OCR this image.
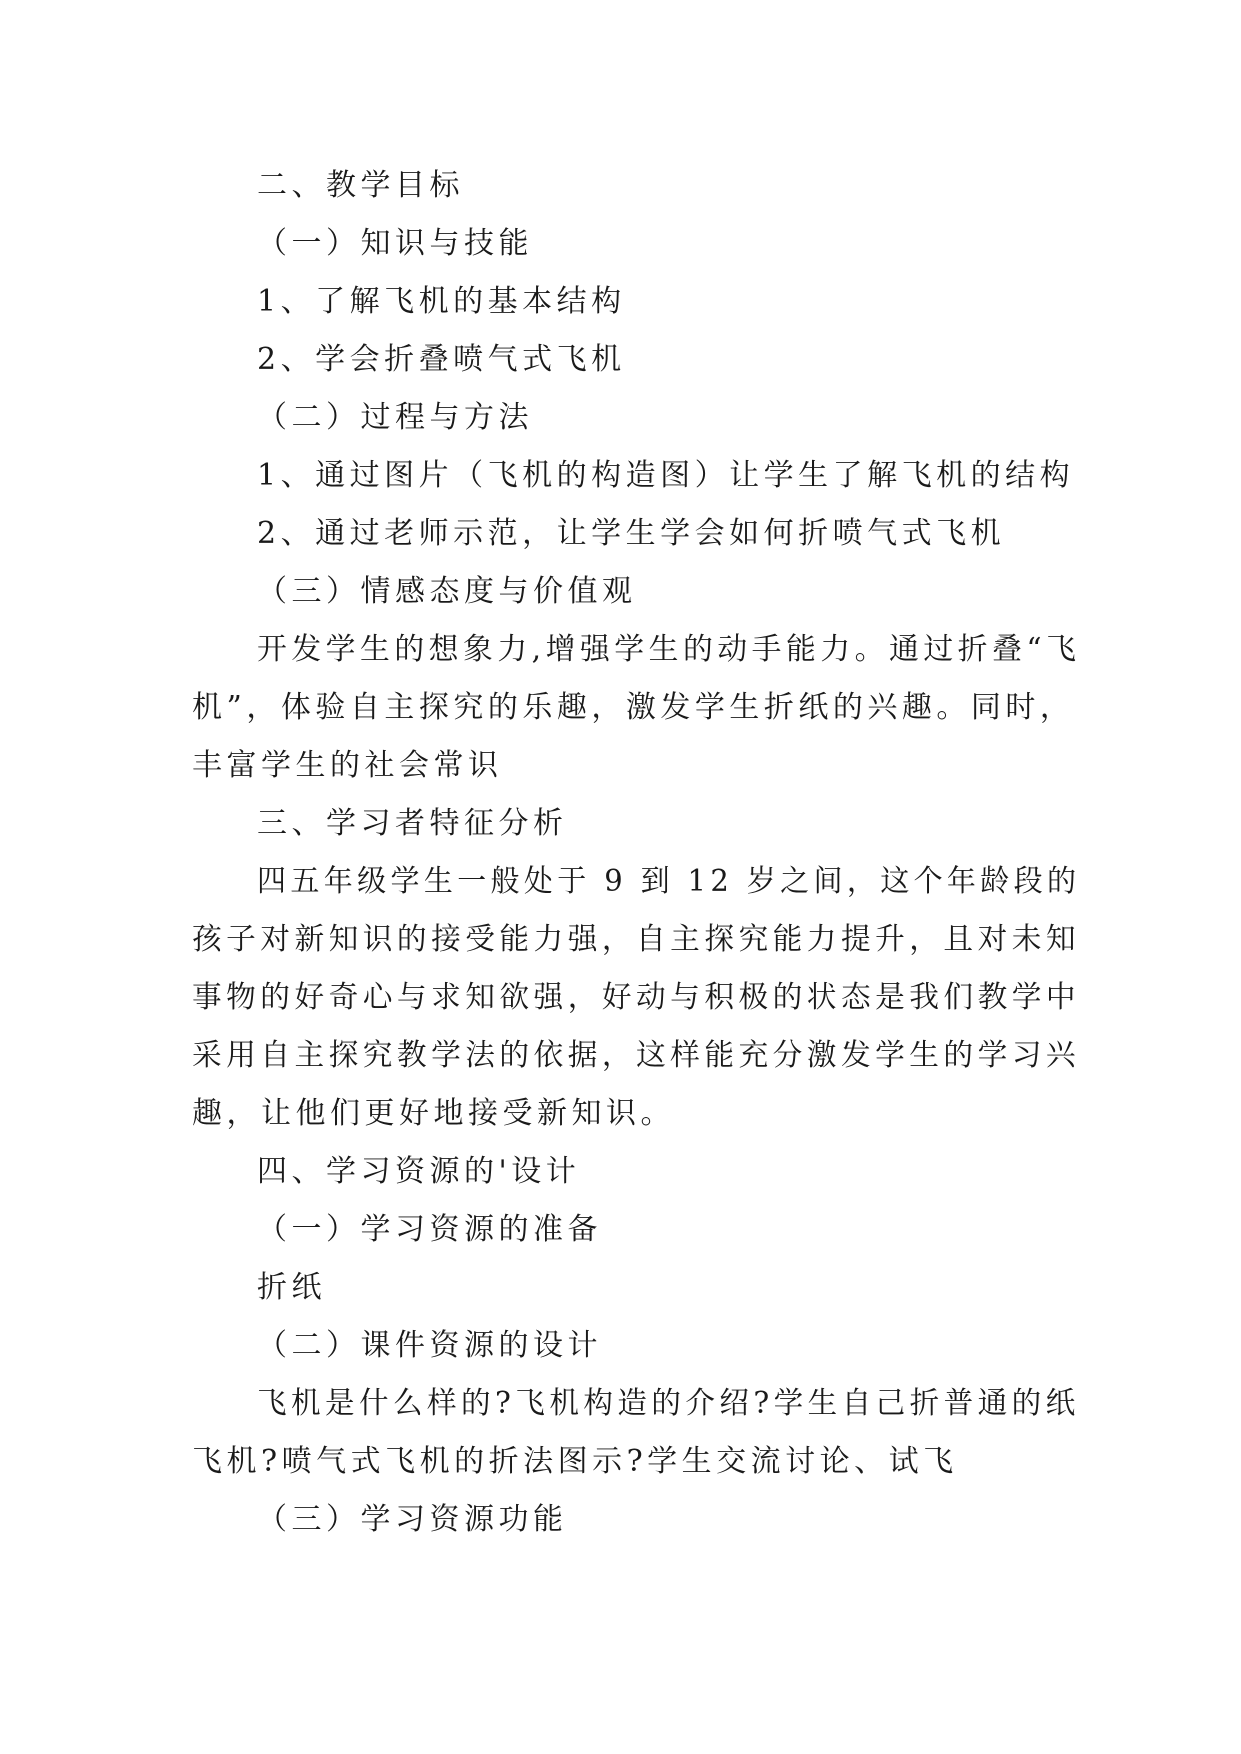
二、教学目标
（一）知识与技能
1、了解飞机的基本结构
2、学会折叠喷气式飞机
（二）过程与方法
1、通过图片（飞机的构造图）让学生了解飞机的结构
2、通过老师示范，让学生学会如何折喷气式飞机
（三）情感态度与价值观
开发学生的想象力,增强学生的动手能力。通过折叠“飞
机”，体验自主探究的乐趣，激发学生折纸的兴趣。同时，
丰富学生的社会常识
三、学习者特征分析
四五年级学生一般处于 9 到 12 岁之间，这个年龄段的
孩子对新知识的接受能力强，自主探究能力提升，且对未知
事物的好奇心与求知欲强，好动与积极的状态是我们教学中
采用自主探究教学法的依据，这样能充分激发学生的学习兴
趣，让他们更好地接受新知识。
四、学习资源的'设计
（一）学习资源的准备
折纸
（二）课件资源的设计
飞机是什么样的?飞机构造的介绍?学生自己折普通的纸
飞机?喷气式飞机的折法图示?学生交流讨论、试飞
（三）学习资源功能
